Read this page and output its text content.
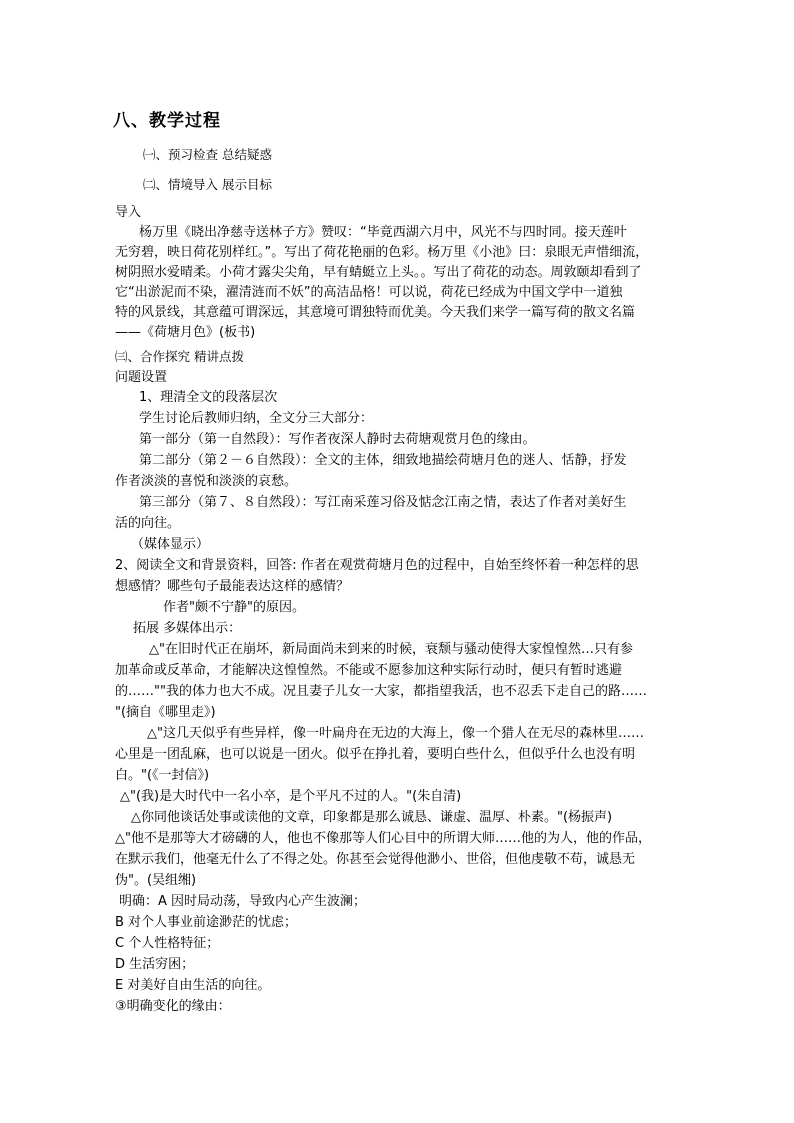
八、教学过程
㈠、预习检查 总结疑惑
㈡、情境导入 展示目标
导入
杨万里《晓出净慈寺送林子方》赞叹：“毕竟西湖六月中，风光不与四时同。接天莲叶
无穷碧，映日荷花别样红。”。写出了荷花艳丽的色彩。杨万里《小池》曰：泉眼无声惜细流，
树阴照水爱晴柔。小荷才露尖尖角，早有蜻蜓立上头。。写出了荷花的动态。周敦颐却看到了
它“出淤泥而不染，濯清涟而不妖”的高洁品格！可以说，荷花已经成为中国文学中一道独
特的风景线，其意蕴可谓深远，其意境可谓独特而优美。今天我们来学一篇写荷的散文名篇
——《荷塘月色》(板书)
㈢、合作探究 精讲点拨
问题设置
1、理清全文的段落层次
学生讨论后教师归纳，全文分三大部分：
第一部分（第一自然段）：写作者夜深人静时去荷塘观赏月色的缘由。
第二部分（第２－６自然段）：全文的主体，细致地描绘荷塘月色的迷人、恬静，抒发
作者淡淡的喜悦和淡淡的哀愁。
第三部分（第７、８自然段）：写江南采莲习俗及惦念江南之情，表达了作者对美好生
活的向往。
（媒体显示）
2、阅读全文和背景资料，回答: 作者在观赏荷塘月色的过程中，自始至终怀着一种怎样的思
想感情？哪些句子最能表达这样的感情？
作者"颇不宁静"的原因。
拓展 多媒体出示：
△"在旧时代正在崩坏，新局面尚未到来的时候，衰颓与骚动使得大家惶惶然…只有参
加革命或反革命，才能解决这惶惶然。不能或不愿参加这种实际行动时，便只有暂时逃避
的……""我的体力也大不成。况且妻子儿女一大家，都指望我活，也不忍丢下走自己的路……
"(摘自《哪里走》)
△"这几天似乎有些异样，像一叶扁舟在无边的大海上，像一个猎人在无尽的森林里……
心里是一团乱麻，也可以说是一团火。似乎在挣扎着，要明白些什么，但似乎什么也没有明
白。"(《一封信》)
△"(我)是大时代中一名小卒，是个平凡不过的人。"(朱自清)
△你同他谈话处事或读他的文章，印象都是那么诚恳、谦虚、温厚、朴素。"(杨振声)
△"他不是那等大才磅礴的人，他也不像那等人们心目中的所谓大师……他的为人，他的作品，
在默示我们，他毫无什么了不得之处。你甚至会觉得他渺小、世俗，但他虔敬不苟，诚恳无
伪"。(吴组缃)
明确：A 因时局动荡，导致内心产生波澜；
B 对个人事业前途渺茫的忧虑；
C 个人性格特征；
D 生活穷困；
E 对美好自由生活的向往。
③明确变化的缘由：
